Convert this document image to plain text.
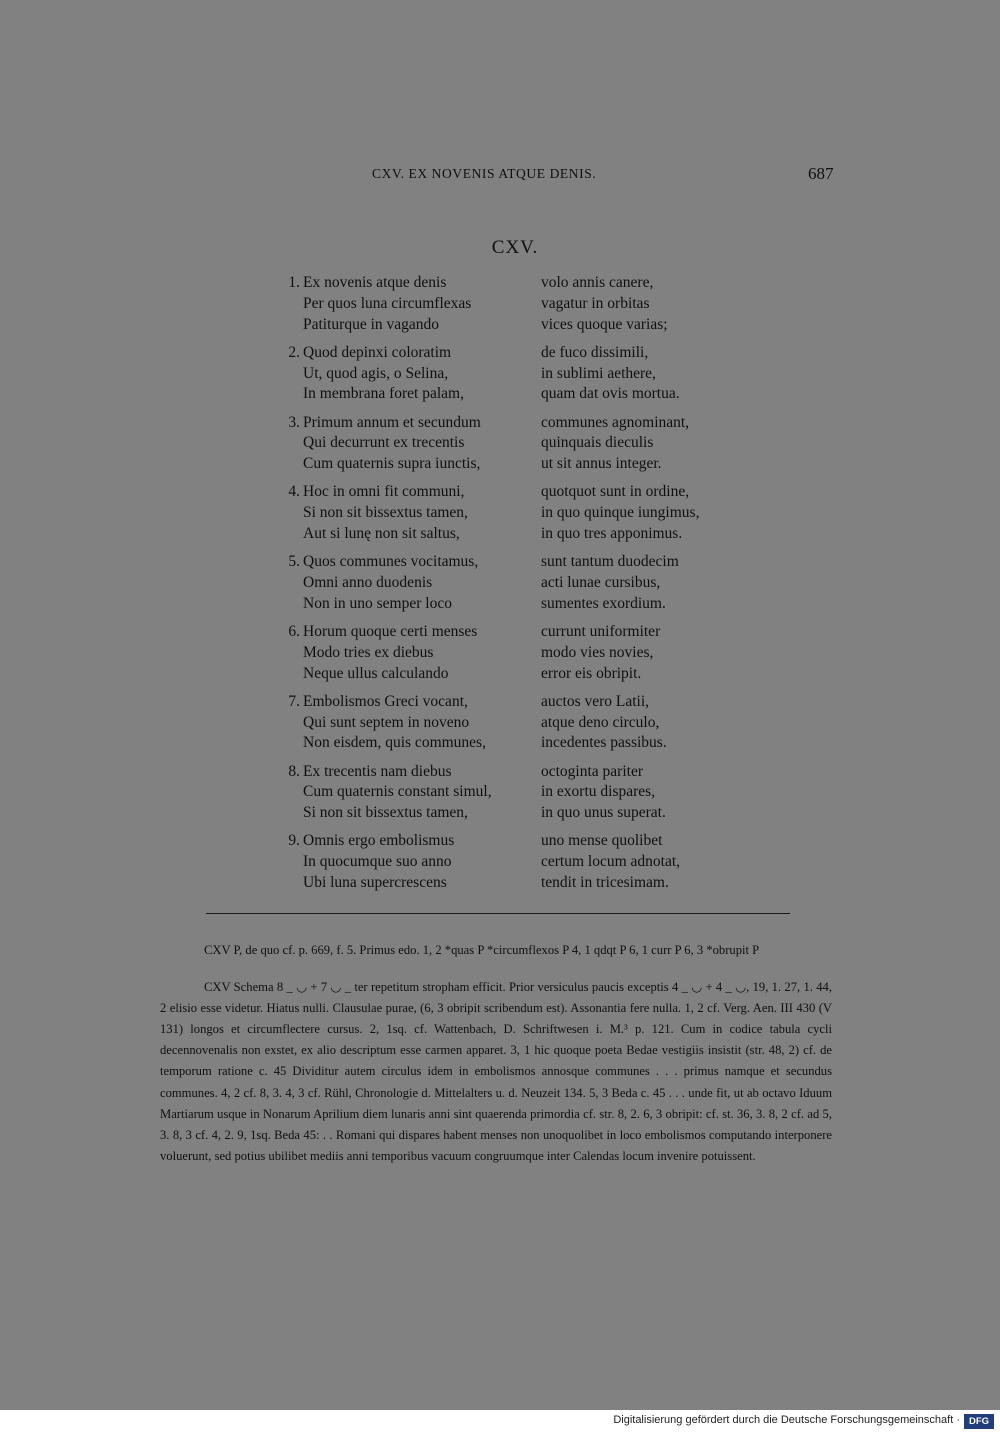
CXV. EX NOVENIS ATQUE DENIS.	687
CXV.
1. Ex novenis atque denis	volo annis canere,
Per quos luna circumflexas	vagatur in orbitas
Patiturque in vagando	vices quoque varias;
2. Quod depinxi coloratim	de fuco dissimili,
Ut, quod agis, o Selina,	in sublimi aethere,
In membrana foret palam,	quam dat ovis mortua.
3. Primum annum et secundum	communes agnominant,
Qui decurrunt ex trecentis	quinquais dieculis
Cum quaternis supra iunctis,	ut sit annus integer.
4. Hoc in omni fit communi,	quotquot sunt in ordine,
Si non sit bissextus tamen,	in quo quinque iungimus,
Aut si lunę non sit saltus,	in quo tres apponimus.
5. Quos communes vocitamus,	sunt tantum duodecim
Omni anno duodenis	acti lunae cursibus,
Non in uno semper loco	sumentes exordium.
6. Horum quoque certi menses	currunt uniformiter
Modo tries ex diebus	modo vies novies,
Neque ullus calculando	error eis obripit.
7. Embolismos Greci vocant,	auctos vero Latii,
Qui sunt septem in noveno	atque deno circulo,
Non eisdem, quis communes,	incedentes passibus.
8. Ex trecentis nam diebus	octoginta pariter
Cum quaternis constant simul,	in exortu dispares,
Si non sit bissextus tamen,	in quo unus superat.
9. Omnis ergo embolismus	uno mense quolibet
In quocumque suo anno	certum locum adnotat,
Ubi luna supercrescens	tendit in tricesimam.

CXV P, de quo cf. p. 669, f. 5. Primus edo. 1, 2 *quas P *circumflexos P 4, 1 qdqt P 6, 1 curr P 6, 3 *obrupit P

CXV Schema 8 _ ◡ + 7 ◡ _ ter repetitum stropham efficit. Prior versiculus paucis exceptis 4 _ ◡ + 4 _ ◡, 19, 1. 27, 1. 44, 2 elisio esse videtur. Hiatus nulli. Clausulae purae, (6, 3 obripit scribendum est). Assonantia fere nulla. 1, 2 cf. Verg. Aen. III 430 (V 131) longos et circumflectere cursus. 2, 1sq. cf. Wattenbach, D. Schriftwesen i. M.³ p. 121. Cum in codice tabula cycli decennovenalis non exstet, ex alio descriptum esse carmen apparet. 3, 1 hic quoque poeta Bedae vestigiis insistit (str. 48, 2) cf. de temporum ratione c. 45 Dividitur autem circulus idem in embolismos annosque communes . . . primus namque et secundus communes. 4, 2 cf. 8, 3. 4, 3 cf. Rühl, Chronologie d. Mittelalters u. d. Neuzeit 134. 5, 3 Beda c. 45 . . . unde fit, ut ab octavo Iduum Martiarum usque in Nonarum Aprilium diem lunaris anni sint quaerenda primordia cf. str. 8, 2. 6, 3 obripit: cf. st. 36, 3. 8, 2 cf. ad 5, 3. 8, 3 cf. 4, 2. 9, 1sq. Beda 45: . . Romani qui dispares habent menses non unoquolibet in loco embolismos computando interponere voluerunt, sed potius ubilibet mediis anni temporibus vacuum congruumque inter Calendas locum invenire potuissent.

Digitalisierung gefördert durch die Deutsche Forschungsgemeinschaft · DFG
